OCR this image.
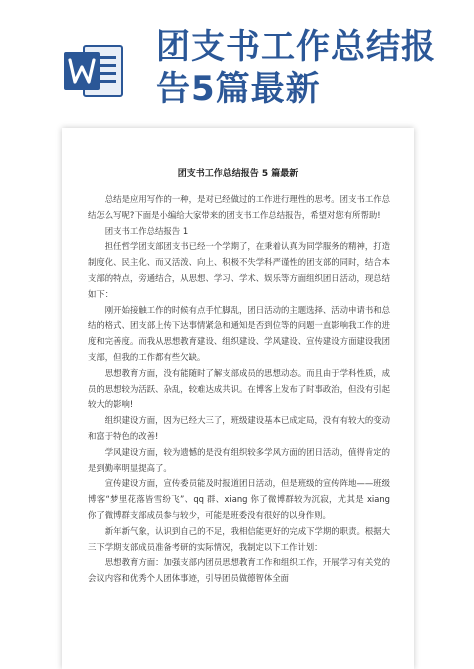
团支书工作总结报告5篇最新
团支书工作总结报告 5 篇最新

总结是应用写作的一种，是对已经做过的工作进行理性的思考。团支书工作总结怎么写呢?下面是小编给大家带来的团支书工作总结报告，希望对您有所帮助!

团支书工作总结报告 1

担任哲学团支部团支书已经一个学期了，在秉着认真为同学服务的精神，打造制度化、民主化、而又活泼、向上、积极不失学科严谨性的团支部的同时，结合本支部的特点，旁通结合，从思想、学习、学术、娱乐等方面组织团日活动，现总结如下：

刚开始接触工作的时候有点手忙脚乱，团日活动的主题选择、活动申请书和总结的格式、团支部上传下达事情紧急和通知是否到位等的问题一直影响我工作的进度和完善度。而我从思想教育建设、组织建设、学风建设、宣传建设方面建设我团支部，但我的工作都有些欠缺。

思想教育方面，没有能随时了解支部成员的思想动态。而且由于学科性质，成员的思想较为活跃、杂乱，较难达成共识。在博客上发布了时事政治，但没有引起较大的影响!

组织建设方面，因为已经大三了，班级建设基本已成定局，没有有较大的变动和富于特色的改善!

学风建设方面，较为遗憾的是没有组织较多学风方面的团日活动，值得肯定的是到勤率明显提高了。

宣传建设方面，宣传委员能及时报道团日活动，但是班级的宣传阵地——班级博客“梦里花落皆雪纷飞”、qq 群、xiang 你了微博群较为沉寂，尤其是 xiang 你了微博群支部成员参与较少，可能是班委没有很好的以身作则。

新年新气象，认识到自己的不足，我相信能更好的完成下学期的职责。根据大三下学期支部成员准备考研的实际情况，我制定以下工作计划：

思想教育方面：加强支部内团员思想教育工作和组织工作，开展学习有关党的会议内容和优秀个人团体事迹，引导团员做德智体全面
